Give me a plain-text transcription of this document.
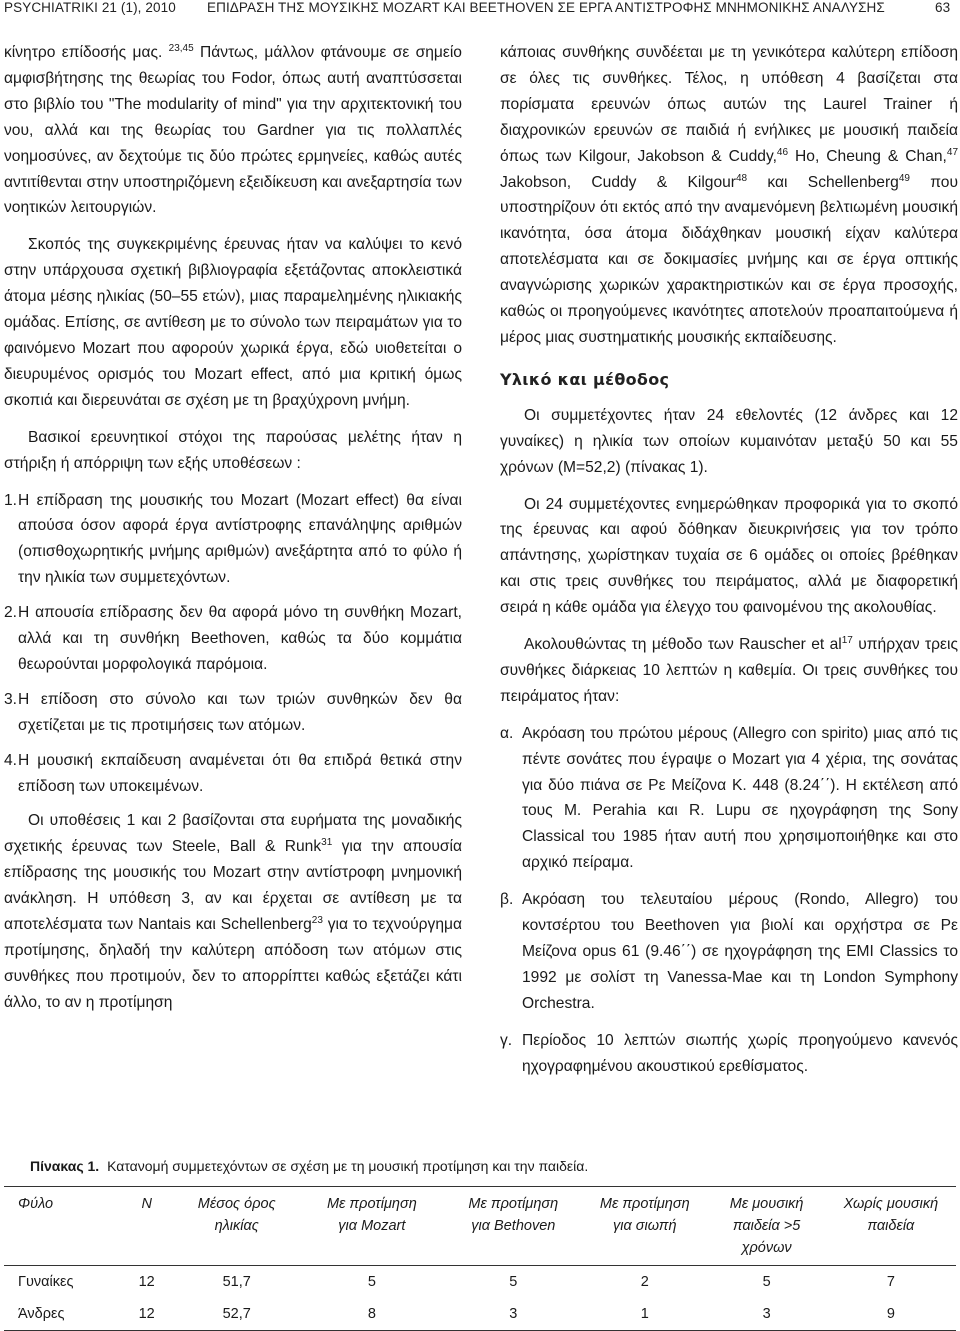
PSYCHIATRIKI 21 (1), 2010 ΕΠΙΔΡΑΣΗ ΤΗΣ ΜΟΥΣΙΚΗΣ MOZART ΚΑΙ BEETHOVEN ΣΕ ΕΡΓΑ ΑΝΤΙΣΤΡΟΦΗΣ ΜΝΗΜΟΝΙΚΗΣ ΑΝΑΛΥΣΗΣ	63

κίνητρο επίδοσής μας. $^{23,45}$ Πάντως, μάλλον φτάνουμε σε σημείο αμφισβήτησης της θεωρίας του Fodor, όπως αυτή αναπτύσσεται στο βιβλίο του "The modularity of mind" για την αρχιτεκτονική του νου, αλλά και της θεωρίας του Gardner για τις πολλαπλές νοημοσύνες, αν δεχτούμε τις δύο πρώτες ερμηνείες, καθώς αυτές αντιτίθενται στην υποστηριζόμενη εξειδίκευση και ανεξαρτησία των νοητικών λειτουργιών.

Σκοπός της συγκεκριμένης έρευνας ήταν να καλύψει το κενό στην υπάρχουσα σχετική βιβλιογραφία εξετάζοντας αποκλειστικά άτομα μέσης ηλικίας (50–55 ετών), μιας παραμελημένης ηλικιακής ομάδας. Επίσης, σε αντίθεση με το σύνολο των πειραμάτων για το φαινόμενο Mozart που αφορούν χωρικά έργα, εδώ υιοθετείται ο διευρυμένος ορισμός του Mozart effect, από μια κριτική όμως σκοπιά και διερευνάται σε σχέση με τη βραχύχρονη μνήμη.

Βασικοί ερευνητικοί στόχοι της παρούσας μελέτης ήταν η στήριξη ή απόρριψη των εξής υποθέσεων :

1. Η επίδραση της μουσικής του Mozart (Mozart effect) θα είναι απούσα όσον αφορά έργα αντίστροφης επανάληψης αριθμών (οπισθοχωρητικής μνήμης αριθμών) ανεξάρτητα από το φύλο ή την ηλικία των συμμετεχόντων.
2. Η απουσία επίδρασης δεν θα αφορά μόνο τη συνθήκη Mozart, αλλά και τη συνθήκη Beethoven, καθώς τα δύο κομμάτια θεωρούνται μορφολογικά παρόμοια.
3. Η επίδοση στο σύνολο και των τριών συνθηκών δεν θα σχετίζεται με τις προτιμήσεις των ατόμων.
4. Η μουσική εκπαίδευση αναμένεται ότι θα επιδρά θετικά στην επίδοση των υποκειμένων.

Οι υποθέσεις 1 και 2 βασίζονται στα ευρήματα της μοναδικής σχετικής έρευνας των Steele, Ball & Runk$^{31}$ για την απουσία επίδρασης της μουσικής του Mozart στην αντίστροφη μνημονική ανάκληση. Η υπόθεση 3, αν και έρχεται σε αντίθεση με τα αποτελέσματα των Nantais και Schellenberg$^{23}$ για το τεχνούργημα προτίμησης, δηλαδή την καλύτερη απόδοση των ατόμων στις συνθήκες που προτιμούν, δεν το απορρίπτει καθώς εξετάζει κάτι άλλο, το αν η προτίμηση

κάποιας συνθήκης συνδέεται με τη γενικότερα καλύτερη επίδοση σε όλες τις συνθήκες. Τέλος, η υπόθεση 4 βασίζεται στα πορίσματα ερευνών όπως αυτών της Laurel Trainer ή διαχρονικών ερευνών σε παιδιά ή ενήλικες με μουσική παιδεία όπως των Kilgour, Jakobson & Cuddy,$^{46}$ Ho, Cheung & Chan,$^{47}$ Jakobson, Cuddy & Kilgour$^{48}$ και Schellenberg$^{49}$ που υποστηρίζουν ότι εκτός από την αναμενόμενη βελτιωμένη μουσική ικανότητα, όσα άτομα διδάχθηκαν μουσική είχαν καλύτερα αποτελέσματα και σε δοκιμασίες μνήμης και σε έργα οπτικής αναγνώρισης χωρικών χαρακτηριστικών και σε έργα προσοχής, καθώς οι προηγούμενες ικανότητες αποτελούν προαπαιτούμενα ή μέρος μιας συστηματικής μουσικής εκπαίδευσης.

Υλικό και μέθοδος

Οι συμμετέχοντες ήταν 24 εθελοντές (12 άνδρες και 12 γυναίκες) η ηλικία των οποίων κυμαινόταν μεταξύ 50 και 55 χρόνων (Μ=52,2) (πίνακας 1).

Οι 24 συμμετέχοντες ενημερώθηκαν προφορικά για το σκοπό της έρευνας και αφού δόθηκαν διευκρινήσεις για τον τρόπο απάντησης, χωρίστηκαν τυχαία σε 6 ομάδες οι οποίες βρέθηκαν και στις τρεις συνθήκες του πειράματος, αλλά με διαφορετική σειρά η κάθε ομάδα για έλεγχο του φαινομένου της ακολουθίας.

Ακολουθώντας τη μέθοδο των Rauscher et $al^{17}$ υπήρχαν τρεις συνθήκες διάρκειας 10 λεπτών η καθεμία. Οι τρεις συνθήκες του πειράματος ήταν:

α. Ακρόαση του πρώτου μέρους (Allegro con spirito) μιας από τις πέντε σονάτες που έγραψε ο Mozart για 4 χέρια, της σονάτας για δύο πιάνα σε Ρε Μείζονα K. 448 (8.24΄΄). Η εκτέλεση από τους M. Perahia και R. Lupu σε ηχογράφηση της Sony Classical του 1985 ήταν αυτή που χρησιμοποιήθηκε και στο αρχικό πείραμα.
β. Ακρόαση του τελευταίου μέρους (Rondo, Allegro) του κοντσέρτου του Beethoven για βιολί και ορχήστρα σε Ρε Μείζονα opus 61 (9.46΄΄) σε ηχογράφηση της EMI Classics το 1992 με σολίστ τη Vanessa-Mae και τη London Symphony Orchestra.
γ. Περίοδος 10 λεπτών σιωπής χωρίς προηγούμενο κανενός ηχογραφημένου ακουστικού ερεθίσματος.
Πίνακας 1. Κατανομή συμμετεχόντων σε σχέση με τη μουσική προτίμηση και την παιδεία.
Φύλο	Ν	Μέσος όρος ηλικίας	Με προτίμηση για Mozart	Με προτίμηση για Bethoven	Με προτίμηση για σιωπή	Με μουσική παιδεία >5 χρόνων	Χωρίς μουσική παιδεία
Γυναίκες	12	51,7	5	5	2	5	7
Άνδρες	12	52,7	8	3	1	3	9
